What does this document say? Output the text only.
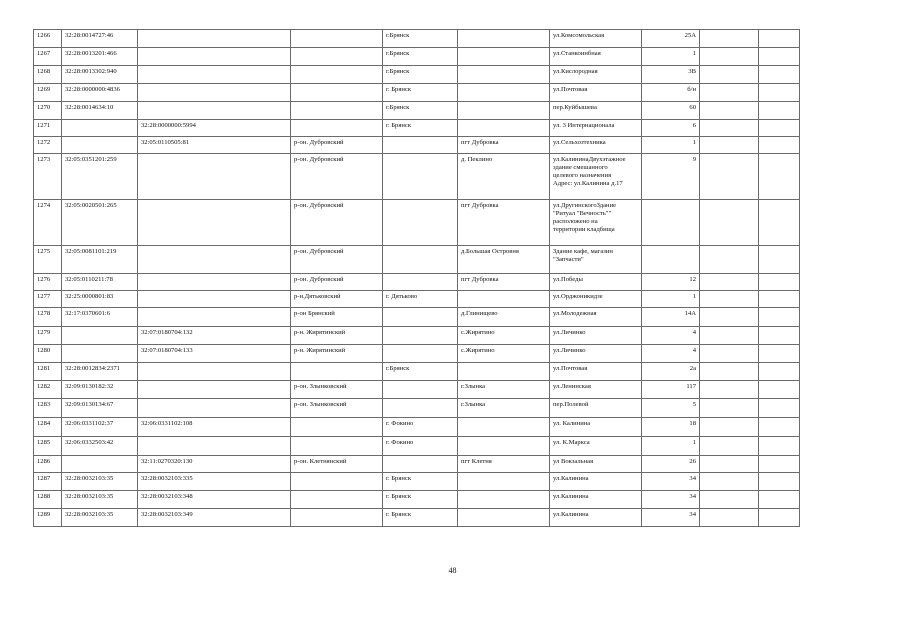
1266	32:28:0014727:46			г.Брянск		ул.Комсомольская	25А			
1267	32:28:0013201:466			г.Брянск		ул.Станкоинбная	1			
1268	32:28:0013302:940			г.Брянск		ул.Кислородная	3В			
1269	32:28:0000000:4836			г. Брянск		ул.Почтовая	б/н			
1270	32:28:0014634:10			г.Брянск		пер.Куйбышева	60			
1271		32:28:0000000:5994		г. Брянск		ул. 3 Интернационала	6			
1272		32:05:0110505:81	р-он. Дубровский		пгт Дубровка	ул.Сельхозтехника	1			
1273	32:05:0351201:259		р-он. Дубровский		д. Пеклино	ул.КалининаДвухэтажное
здание смешанного
целевого назначения
Адрес: ул.Калинина д.17	9			
1274	32:05:0020501:265		р-он. Дубровский		пгт Дубровка	ул.ДругинскогоЗдание
"Ритуал "Вечность""
расположено на
территории кладбища				
1275	32:05:0081101:219		р-он. Дубровский		д.Большая Островня	Здание кафе, магазин
"Запчасти"				
1276	32:05:0110211:78		р-он. Дубровский		пгт Дубровка	ул.Победы	12			
1277	32:25:0000801:83		р-н.Дятьковский	г. Дятьково		ул.Орджоникидзе	1			
1278	32:17:0370601:6		р-он Брянский		д.Глинищево	ул.Молодежная	14А			
1279		32:07:0180704:132	р-н. Жирятинский		с.Жирятино	ул.Личинко	4			
1280		32:07:0180704:133	р-н. Жирятинский		с.Жирятино	ул.Личинко	4			
1281	32:28:0012834:2371			г.Брянск		ул.Почтовая	2а			
1282	32:09:0130182:32		р-он. Злынковский		г.Злынка	ул.Ленинская	117			
1283	32:09:0130134:67		р-он. Злынковский		г.Злынка	пер.Полевой	5			
1284	32:06:0331102:37	32:06:0331102:108		г. Фокино		ул. Калинина	18			
1285	32:06:0332503:42			г. Фокино		ул. К.Маркса	1			
1286		32:11:0270320:130	р-он. Клетнянский		пгт Клетня	ул Вокзальная	26			
1287	32:28:0032103:35	32:28:0032103:335		г. Брянск		ул.Калинина	34			
1288	32:28:0032103:35	32:28:0032103:348		г. Брянск		ул.Калинина	34			
1289	32:28:0032103:35	32:28:0032103:349		г. Брянск		ул.Калинина	34			
48
